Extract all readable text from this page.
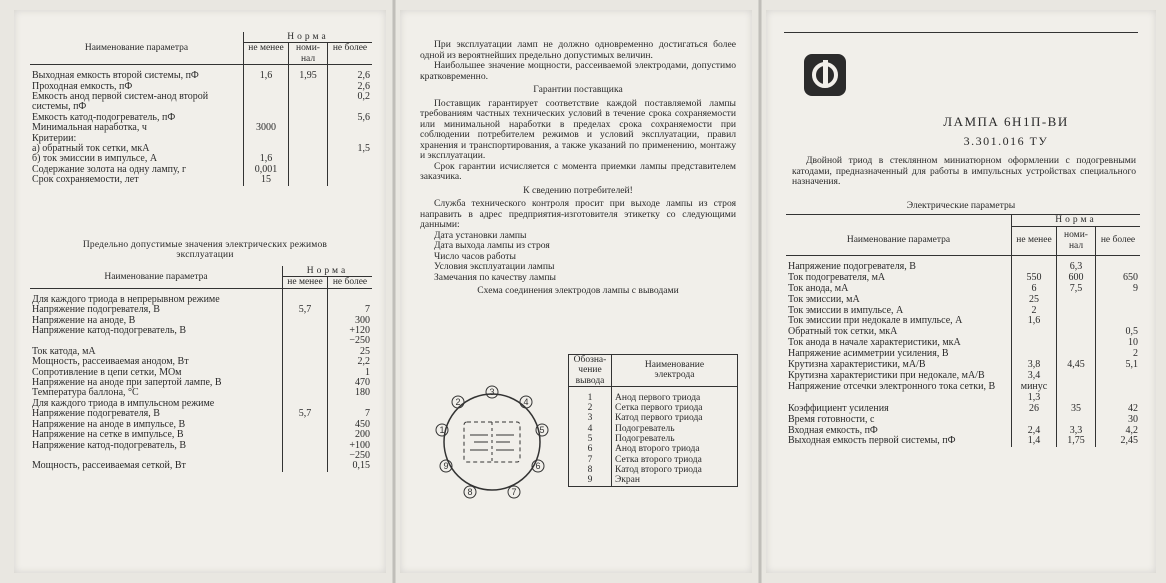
Наименование параметра	Норма		
	не менее	номи-
нал	не более
Выходная емкость второй системы, пФ	1,6	1,95	2,6
Проходная емкость, пФ			2,6
Емкость анод первой систем-анод второй системы, пФ			0,2
Емкость катод-подогреватель, пФ			5,6
Минимальная наработка, ч	3000		
Критерии:			
а) обратный ток сетки, мкА			1,5
б) ток эмиссии в импульсе, А	1,6		
Содержание золота на одну лампу, г	0,001		
Срок сохраняемости, лет	15		
Предельно допустимые значения электрических режимов эксплуатации
Наименование параметра	Норма	
	не менее	не более
Для каждого триода в непрерывном режиме		
Напряжение подогревателя, В	5,7	7
Напряжение на аноде, В		300
Напряжение катод-подогреватель, В		+120
−250
Ток катода, мА		25
Мощность, рассеиваемая анодом, Вт		2,2
Сопротивление в цепи сетки, МОм		1
Напряжение на аноде при запертой лампе, В		470
Температура баллона, °С		180
Для каждого триода в импульсном режиме		
Напряжение подогревателя, В	5,7	7
Напряжение на аноде в импульсе, В		450
Напряжение на сетке в импульсе, В		200
Напряжение катод-подогреватель, В		+100
−250
Мощность, рассеиваемая сеткой, Вт		0,15

При эксплуатации ламп не должно одновременно достигаться более одной из вероятнейших предельно допустимых величин.

Наибольшее значение мощности, рассеиваемой электродами, допустимо кратковременно.

Гарантии поставщика

Поставщик гарантирует соответствие каждой поставляемой лампы требованиям частных технических условий в течение срока сохраняемости или минимальной наработки в пределах срока сохраняемости при соблюдении потребителем режимов и условий эксплуатации, правил хранения и транспортирования, а также указаний по применению, монтажу и эксплуатации.

Срок гарантии исчисляется с момента приемки лампы представителем заказчика.

К сведению потребителей!

Служба технического контроля просит при выходе лампы из строя направить в адрес предприятия-изготовителя этикетку со следующими данными:

Дата установки лампы

Дата выхода лампы из строя

Число часов работы

Условия эксплуатации лампы

Замечания по качеству лампы

Схема соединения электродов лампы с выводами

1
2
3
4
5
6
7
8
9
Обозна-
чение
вывода	Наименование
электрода
1	Анод первого триода
2	Сетка первого триода
3	Катод первого триода
4	Подогреватель
5	Подогреватель
6	Анод второго триода
7	Сетка второго триода
8	Катод второго триода
9	Экран
ЛАМПА 6Н1П-ВИ
3.301.016 ТУ
Двойной триод в стеклянном миниатюрном оформлении с подогревными катодами, предназначенный для работы в импульсных устройствах специального назначения.
Электрические параметры
Наименование параметра	Норма		
	не менее	номи-
нал	не более
Напряжение подогревателя, В		6,3	
Ток подогревателя, мА	550	600	650
Ток анода, мА	6	7,5	9
Ток эмиссии, мА	25		
Ток эмиссии в импульсе, А	2		
Ток эмиссии при недокале в импульсе, А	1,6		
Обратный ток сетки, мкА			0,5
Ток анода в начале характеристики, мкА			10
Напряжение асимметрии усиления, В			2
Крутизна характеристики, мА/В	3,8	4,45	5,1
Крутизна характеристики при недокале, мА/В	3,4		
Напряжение отсечки электронного тока сетки, В	минус 1,3		
Коэффициент усиления	26	35	42
Время готовности, с			30
Входная емкость, пФ	2,4	3,3	4,2
Выходная емкость первой системы, пФ	1,4	1,75	2,45
